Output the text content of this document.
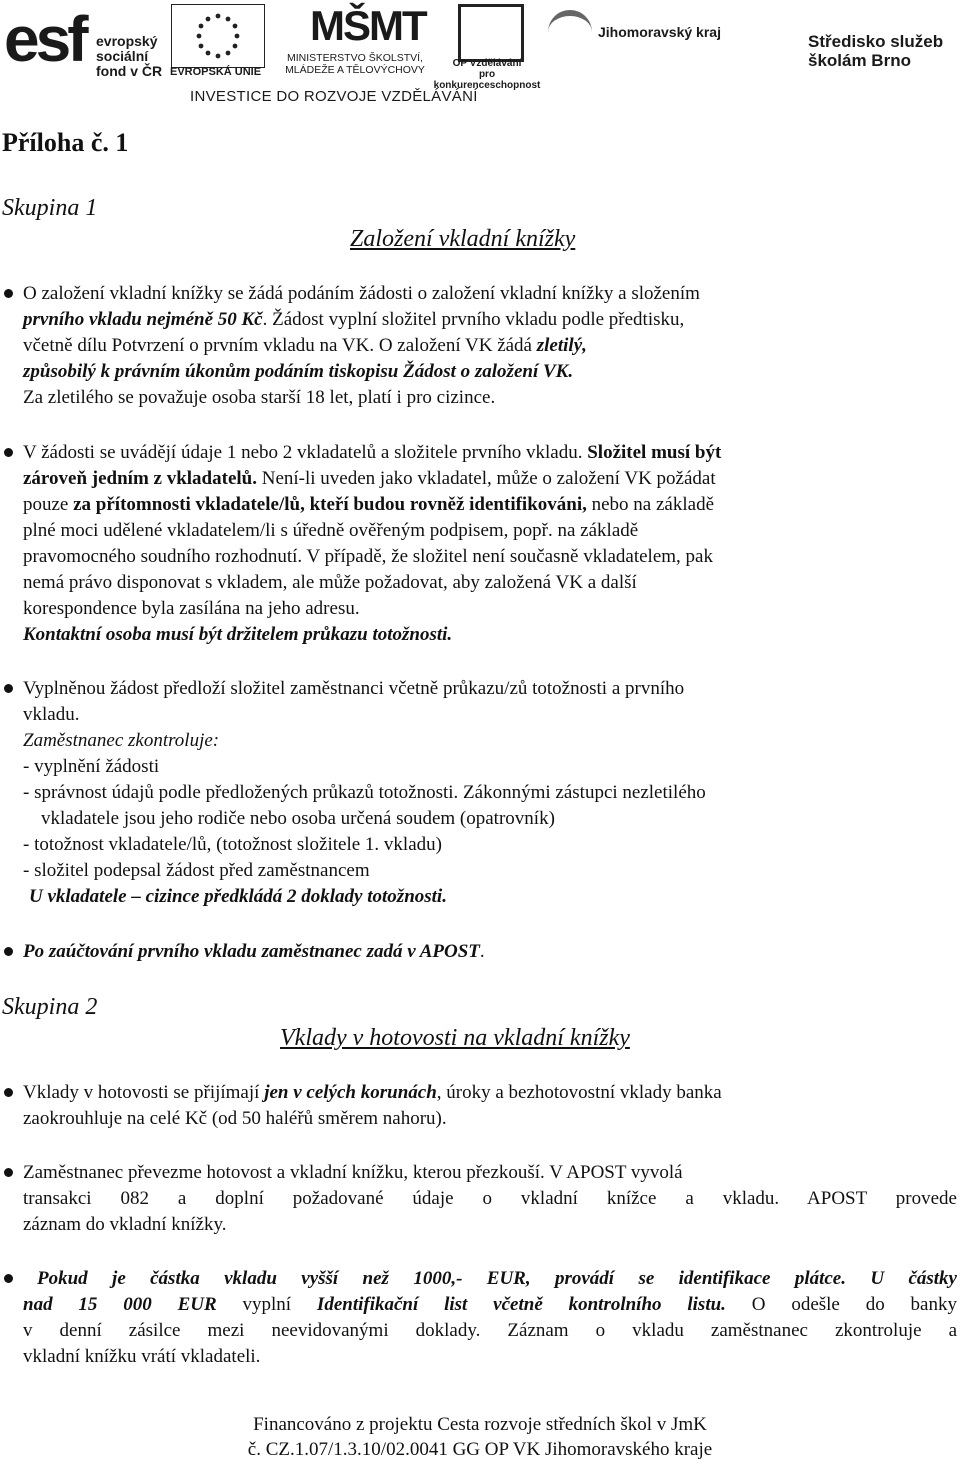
esf evropský
sociální
fond v ČR EVROPSKÁ UNIE
MŠMT
MINISTERSTVO ŠKOLSTVÍ,
MLÁDEŽE A TĚLOVÝCHOVY
OP Vzdělávání
pro konkurenceschopnost
Jihomoravský kraj	Středisko služeb
školám Brno
INVESTICE DO ROZVOJE VZDĚLÁVÁNÍ
Příloha č. 1
Skupina 1
Založení vkladní knížky
O založení vkladní knížky se žádá podáním žádosti o založení vkladní knížky a složením
prvního vkladu nejméně 50 Kč. Žádost vyplní složitel prvního vkladu podle předtisku,
včetně dílu Potvrzení o prvním vkladu na VK. O založení VK žádá zletilý,
způsobilý k právním úkonům podáním tiskopisu Žádost o založení VK.
Za zletilého se považuje osoba starší 18 let, platí i pro cizince.
V žádosti se uvádějí údaje 1 nebo 2 vkladatelů a složitele prvního vkladu. Složitel musí být
zároveň jedním z vkladatelů. Není-li uveden jako vkladatel, může o založení VK požádat
pouze za přítomnosti vkladatele/lů, kteří budou rovněž identifikováni, nebo na základě
plné moci udělené vkladatelem/li s úředně ověřeným podpisem, popř. na základě
pravomocného soudního rozhodnutí. V případě, že složitel není současně vkladatelem, pak
nemá právo disponovat s vkladem, ale může požadovat, aby založená VK a další
korespondence byla zasílána na jeho adresu.
Kontaktní osoba musí být držitelem průkazu totožnosti.
Vyplněnou žádost předloží složitel zaměstnanci včetně průkazu/zů totožnosti a prvního
vkladu.
Zaměstnanec zkontroluje:
- vyplnění žádosti
- správnost údajů podle předložených průkazů totožnosti. Zákonnými zástupci nezletilého
vkladatele jsou jeho rodiče nebo osoba určená soudem (opatrovník)
- totožnost vkladatele/lů, (totožnost složitele 1. vkladu)
- složitel podepsal žádost před zaměstnancem
U vkladatele – cizince předkládá 2 doklady totožnosti.
Po zaúčtování prvního vkladu zaměstnanec zadá v APOST.
Skupina 2
Vklady v hotovosti na vkladní knížky
Vklady v hotovosti se přijímají jen v celých korunách, úroky a bezhotovostní vklady banka
zaokrouhluje na celé Kč (od 50 haléřů směrem nahoru).
Zaměstnanec převezme hotovost a vkladní knížku, kterou přezkouší. V APOST vyvolá
transakci 082 a doplní požadované údaje o vkladní knížce a vkladu. APOST provede
záznam do vkladní knížky.
Pokud je částka vkladu vyšší než 1000,- EUR, provádí se identifikace plátce. U částky
nad 15 000 EUR vyplní Identifikační list včetně kontrolního listu. O odešle do banky
v denní zásilce mezi neevidovanými doklady. Záznam o vkladu zaměstnanec zkontroluje a
vkladní knížku vrátí vkladateli.
Financováno z projektu Cesta rozvoje středních škol v JmK
č. CZ.1.07/1.3.10/02.0041 GG OP VK Jihomoravského kraje
